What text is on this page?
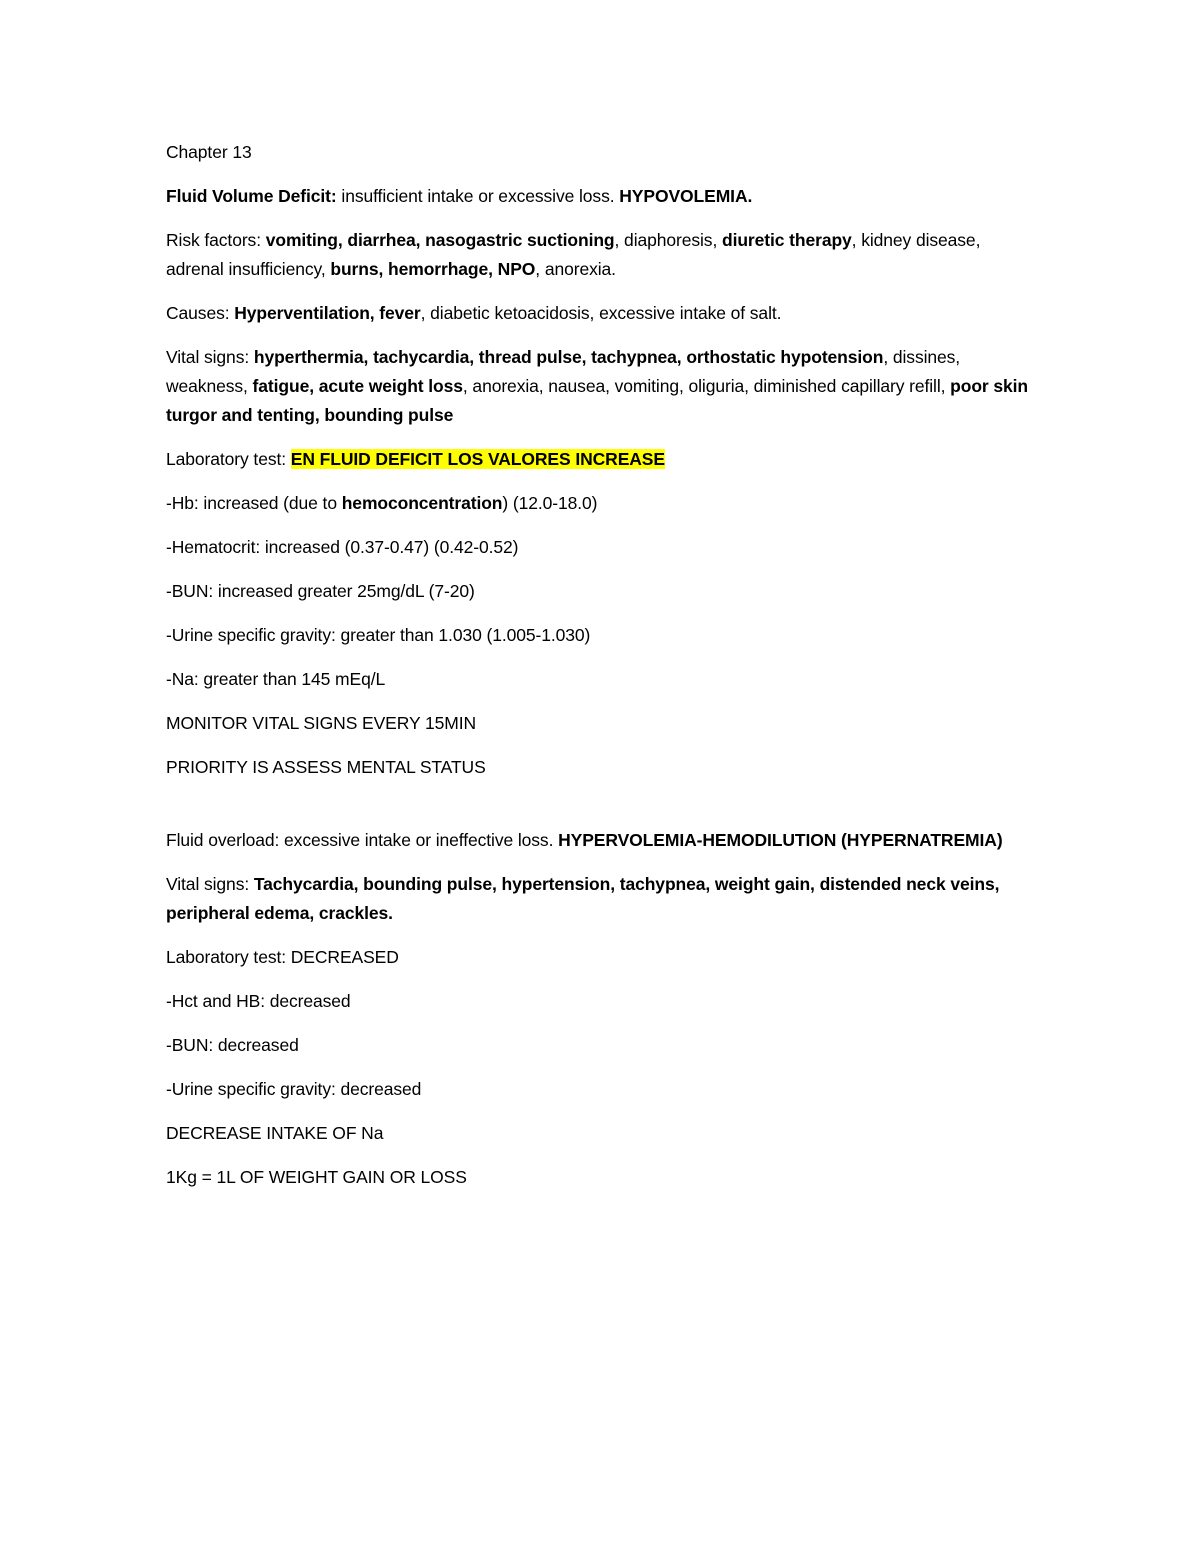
Chapter 13

Fluid Volume Deficit: insufficient intake or excessive loss. HYPOVOLEMIA.

Risk factors: vomiting, diarrhea, nasogastric suctioning, diaphoresis, diuretic therapy, kidney disease, adrenal insufficiency, burns, hemorrhage, NPO, anorexia.

Causes: Hyperventilation, fever, diabetic ketoacidosis, excessive intake of salt.

Vital signs: hyperthermia, tachycardia, thread pulse, tachypnea, orthostatic hypotension, dissines, weakness, fatigue, acute weight loss, anorexia, nausea, vomiting, oliguria, diminished capillary refill, poor skin turgor and tenting, bounding pulse

Laboratory test: EN FLUID DEFICIT LOS VALORES INCREASE

-Hb: increased (due to hemoconcentration) (12.0-18.0)

-Hematocrit: increased (0.37-0.47) (0.42-0.52)

-BUN: increased greater 25mg/dL (7-20)

-Urine specific gravity: greater than 1.030 (1.005-1.030)

-Na: greater than 145 mEq/L

MONITOR VITAL SIGNS EVERY 15MIN

PRIORITY IS ASSESS MENTAL STATUS

Fluid overload: excessive intake or ineffective loss. HYPERVOLEMIA-HEMODILUTION (HYPERNATREMIA)

Vital signs: Tachycardia, bounding pulse, hypertension, tachypnea, weight gain, distended neck veins, peripheral edema, crackles.

Laboratory test: DECREASED

-Hct and HB: decreased

-BUN: decreased

-Urine specific gravity: decreased

DECREASE INTAKE OF Na

1Kg = 1L OF WEIGHT GAIN OR LOSS
